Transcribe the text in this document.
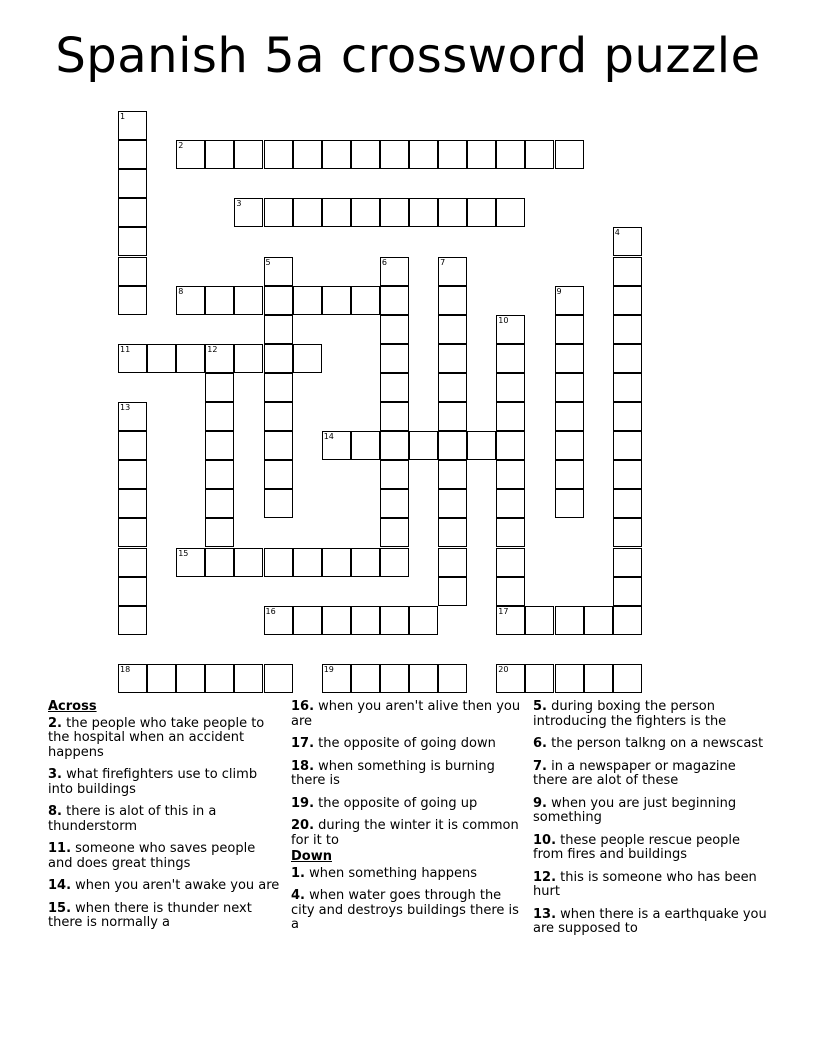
Spanish 5a crossword puzzle
1
2
3
4
5	6	7
8	9
10
17
11	12
13
14
15
16
18	19	20
Across
2. the people who take people to the hospital when an accident happens
3. what firefighters use to climb into buildings
8. there is alot of this in a thunderstorm
11. someone who saves people and does great things
14. when you aren't awake you are
15. when there is thunder next there is normally a
16. when you aren't alive then you are
17. the opposite of going down
18. when something is burning there is
19. the opposite of going up
20. during the winter it is common for it to
Down
1. when something happens
4. when water goes through the city and destroys buildings there is a
5. during boxing the person introducing the fighters is the
6. the person talkng on a newscast
7. in a newspaper or magazine there are alot of these
9. when you are just beginning something
10. these people rescue people from fires and buildings
12. this is someone who has been hurt
13. when there is a earthquake you are supposed to
